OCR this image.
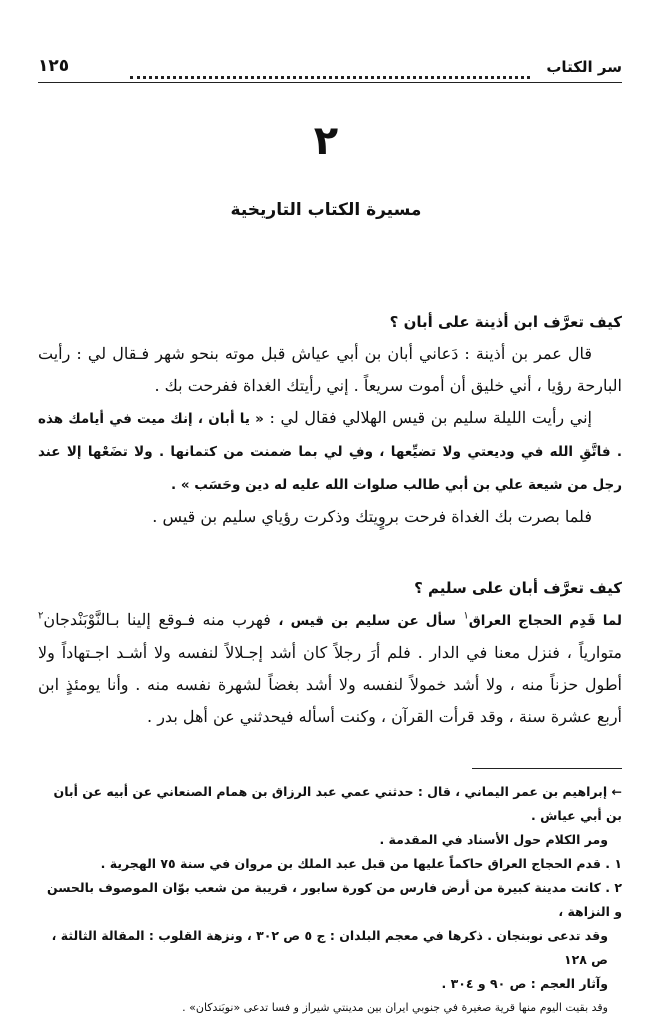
سر الكتاب
١٢٥
٢
مسيرة الكتاب التاريخية

كيف تعرَّف ابن أذينة على أبان ؟

قال عمر بن أذينة : دَعاني أبان بن أبي عياش قبل موته بنحو شهر فـقال لي : رأيت البارحة رؤيا ، أني خليق أن أموت سريعاً . إني رأيتك الغداة ففرحت بك .

إني رأيت الليلة سليم بن قيس الهلالي فقال لي : « يا أبان ، إنك ميت في أيامك هذه . فاتَّقِ الله في وديعتي ولا تضيِّعها ، وفِ لي بما ضمنت من كتمانها . ولا تضَعْها إلا عند رجل من شيعة علي بن أبي طالب صلوات الله عليه له دين وحَسَب » .

فلما بصرت بك الغداة فرحت بروٍيتك وذكرت رؤياي سليم بن قيس .

كيف تعرَّف أبان على سليم ؟

لما قَدِم الحجاج العراق$^١$ سأل عن سليم بن قيس ، فهرب منه فـوقع إلينا بـالنَّوْبَنْدجان$^٢$ متوارياً ، فنزل معنا في الدار . فلم أرَ رجلاً كان أشد إجـلالاً لنفسه ولا أشـد اجـتهاداً ولا أطول حزناً منه ، ولا أشد خمولاً لنفسه ولا أشد بغضاً لشهرة نفسه منه . وأنا يومئذٍ ابن أربع عشرة سنة ، وقد قرأت القرآن ، وكنت أسأله فيحدثني عن أهل بدر .

← إبراهيم بن عمر اليماني ، قال : حدثني عمي عبد الرزاق بن همام الصنعاني عن أبيه عن أبان بن أبي عياش .

ومر الكلام حول الأسناد في المقدمة .

١ . قدم الحجاج العراق حاكماً عليها من قبل عبد الملك بن مروان في سنة ٧٥ الهجرية .

٢ . كانت مدينة كبيرة من أرض فارس من كورة سابور ، قريبة من شعب بوّان الموصوف بالحسن و النزاهة ،

وقد تدعى نوبنجان . ذكرها في معجم البلدان : ج ٥ ص ٣٠٢ ، ونزهة القلوب : المقالة الثالثة ، ص ١٢٨

وآثار العجم : ص ٩٠ و ٣٠٤ .

وقد بقيت اليوم منها قرية صغيرة في جنوبي ايران بين مدينتي شيراز و فسا تدعى «نوبَندكان» .
